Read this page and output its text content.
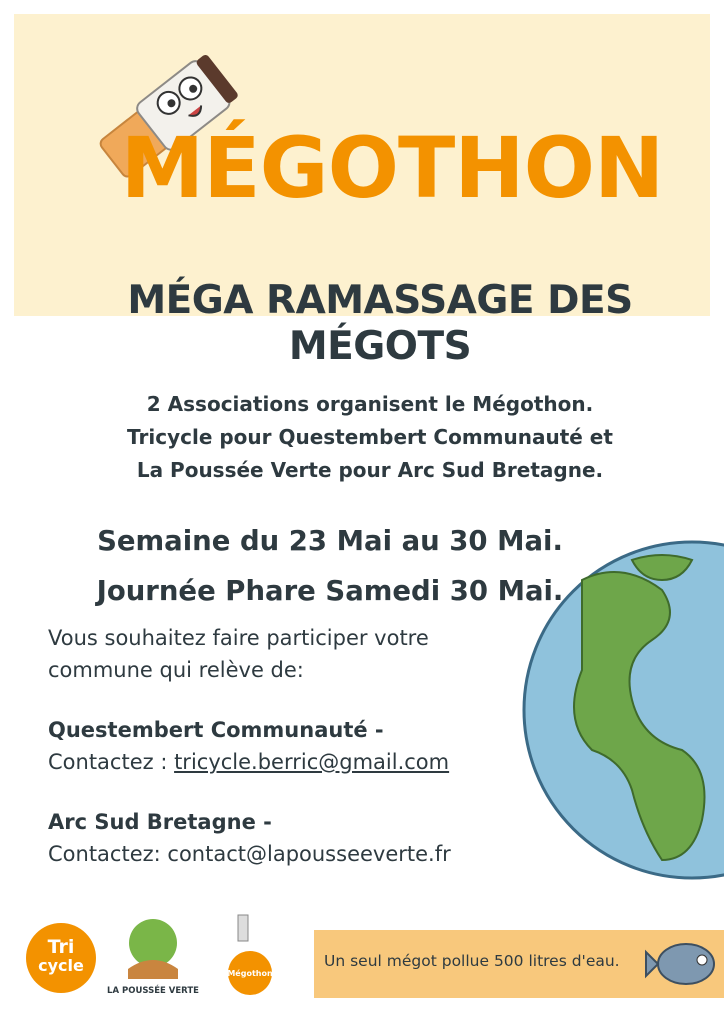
MÉGOTHON
MÉGA RAMASSAGE DES
MÉGOTS
2 Associations organisent le Mégothon.
Tricycle pour Questembert Communauté et
La Poussée Verte pour Arc Sud Bretagne.
Semaine du 23 Mai au 30 Mai.
Journée Phare Samedi 30 Mai.
Vous souhaitez faire participer votre
commune qui relève de:
Questembert Communauté -
Contactez : tricycle.berric@gmail.com
Arc Sud Bretagne -
Contactez: contact@lapousseeverte.fr
Tri
cycle
LA POUSSÉE VERTE
Mégothon
Un seul mégot pollue 500 litres d'eau.
